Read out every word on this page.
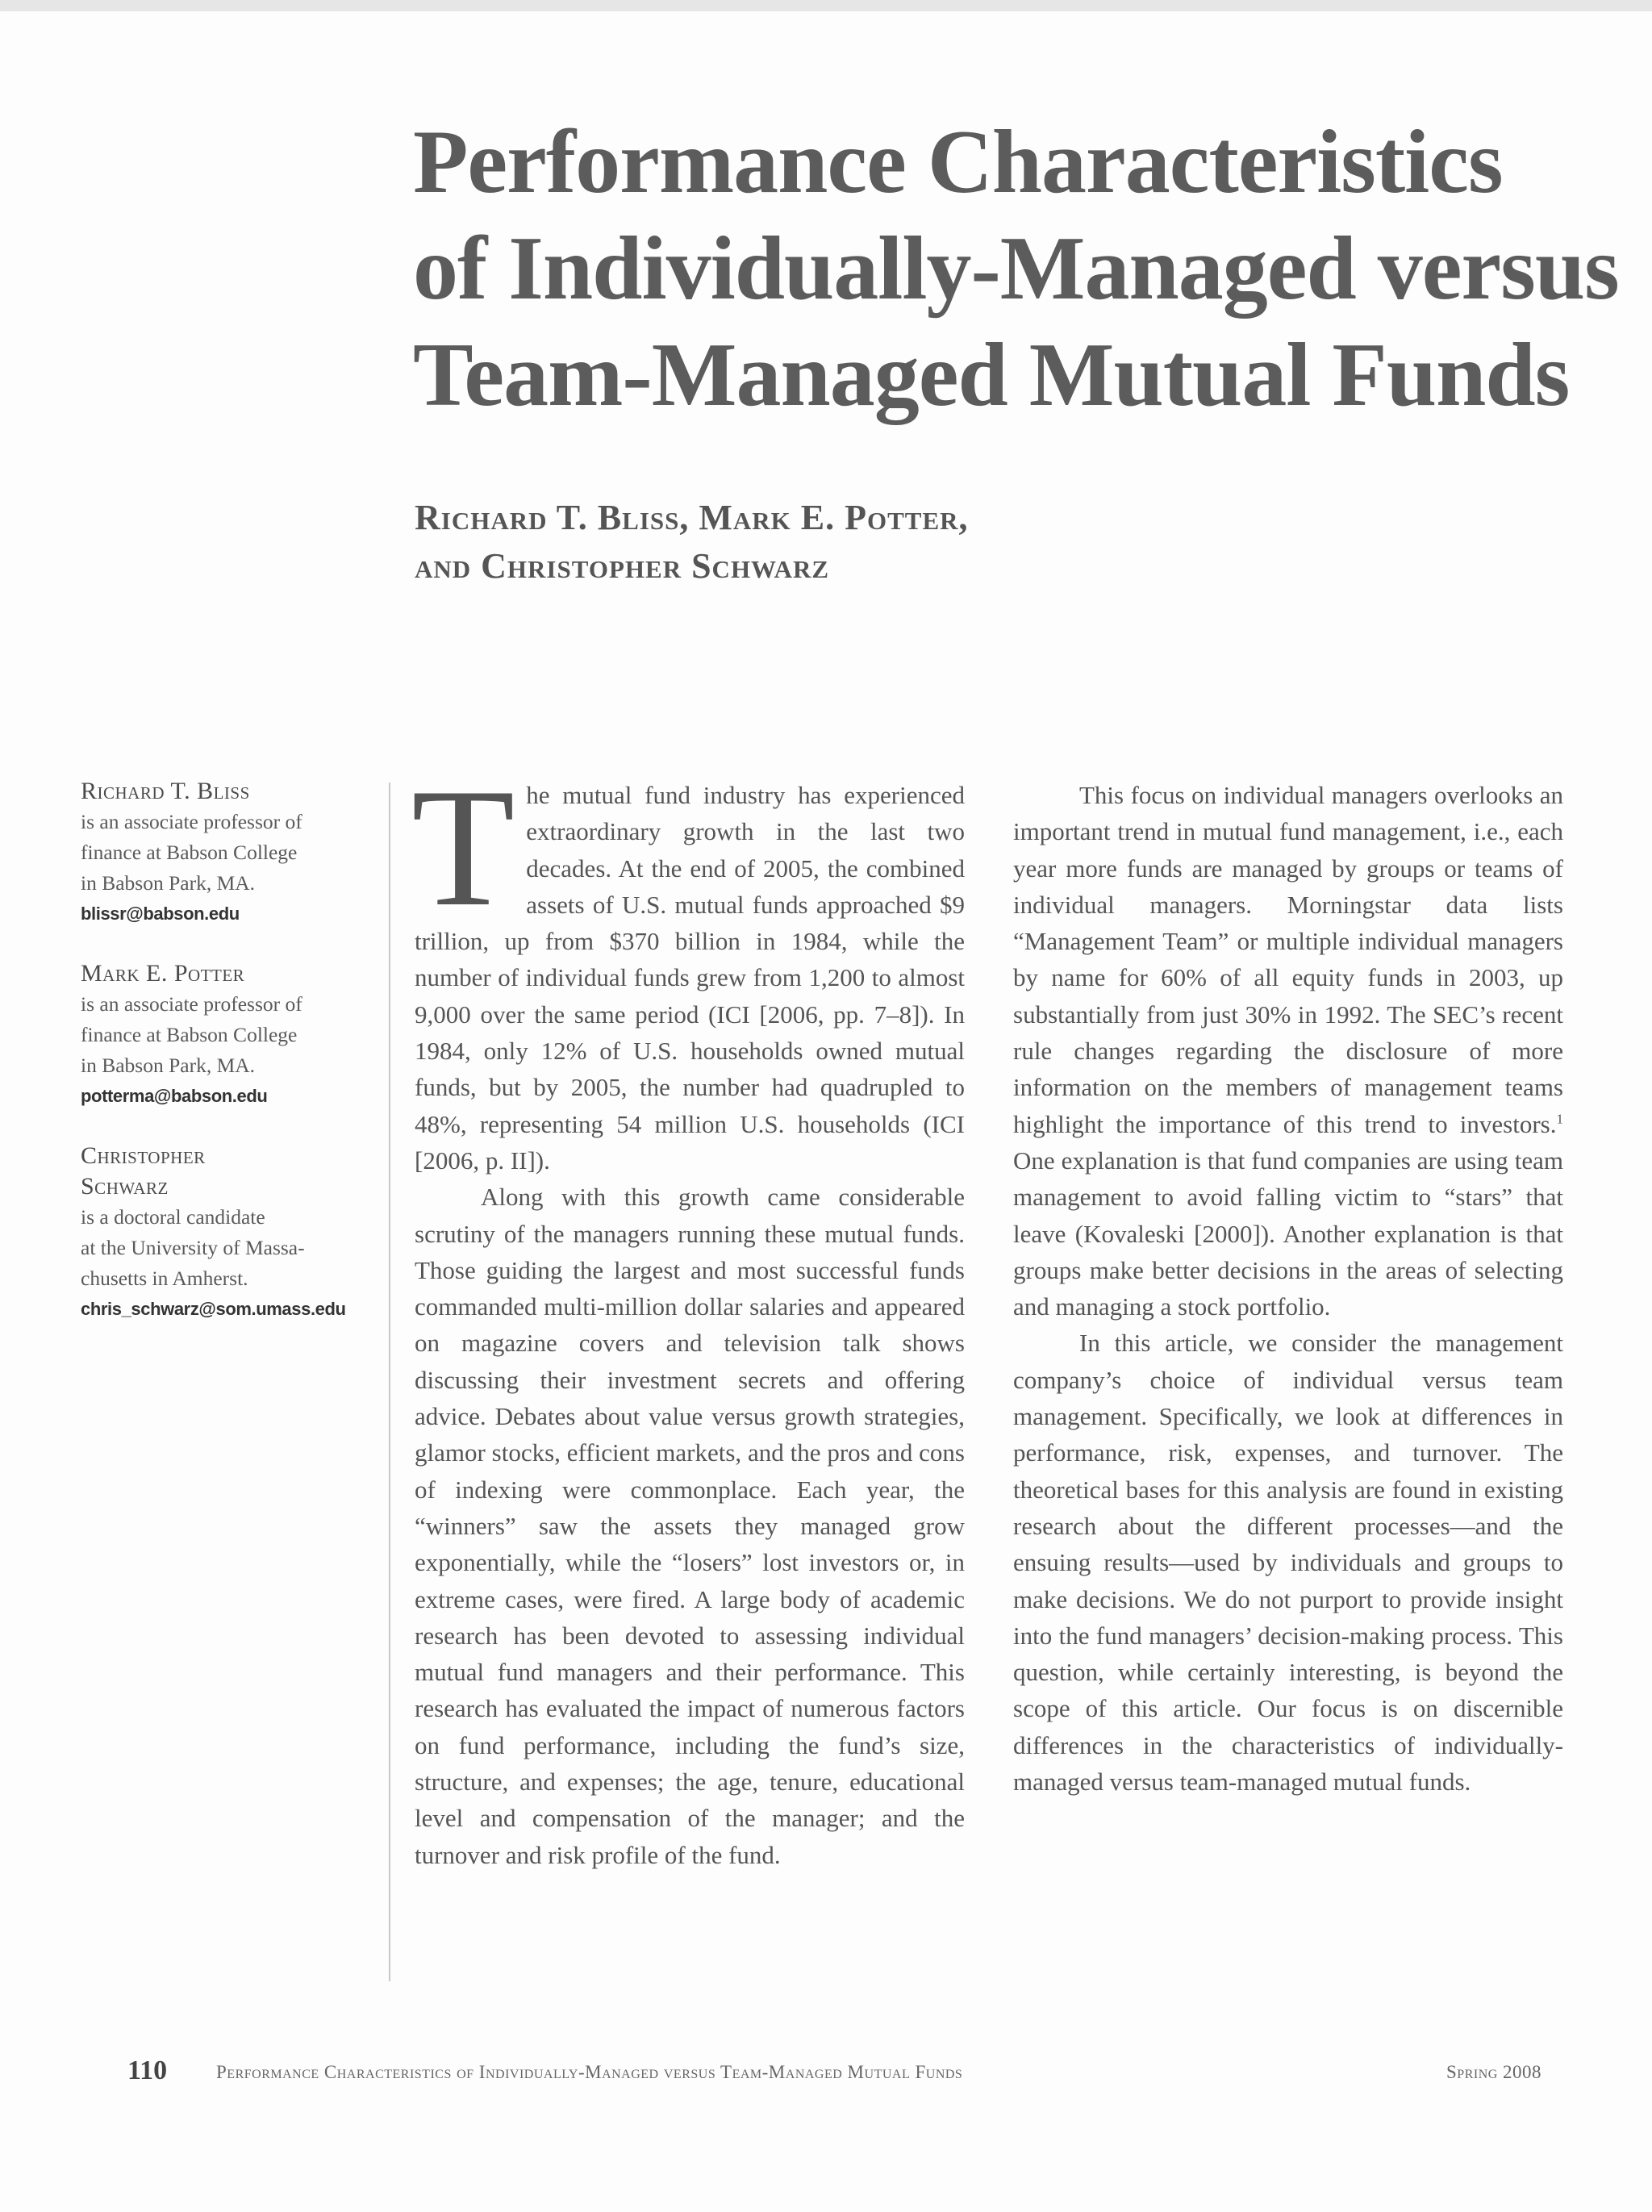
Performance Characteristics
of Individually-Managed versus
Team-Managed Mutual Funds
Richard T. Bliss, Mark E. Potter,
and Christopher Schwarz
Richard T. Bliss
is an associate professor of
finance at Babson College
in Babson Park, MA.
blissr@babson.edu
Mark E. Potter
is an associate professor of
finance at Babson College
in Babson Park, MA.
potterma@babson.edu
Christopher
Schwarz
is a doctoral candidate
at the University of Massa-
chusetts in Amherst.
chris_schwarz@som.umass.edu

The mutual fund industry has experienced extraordinary growth in the last two decades. At the end of 2005, the combined assets of U.S. mutual funds approached $9 trillion, up from $370 billion in 1984, while the number of individual funds grew from 1,200 to almost 9,000 over the same period (ICI [2006, pp. 7–8]). In 1984, only 12% of U.S. households owned mutual funds, but by 2005, the number had quadrupled to 48%, representing 54 million U.S. households (ICI [2006, p. II]).

Along with this growth came considerable scrutiny of the managers running these mutual funds. Those guiding the largest and most successful funds commanded multi-million dollar salaries and appeared on magazine covers and television talk shows discussing their investment secrets and offering advice. Debates about value versus growth strategies, glamor stocks, efficient markets, and the pros and cons of indexing were commonplace. Each year, the “winners” saw the assets they managed grow exponentially, while the “losers” lost investors or, in extreme cases, were fired. A large body of academic research has been devoted to assessing individual mutual fund managers and their performance. This research has evaluated the impact of numerous factors on fund performance, including the fund’s size, structure, and expenses; the age, tenure, educational level and compensation of the manager; and the turnover and risk profile of the fund.

This focus on individual managers overlooks an important trend in mutual fund management, i.e., each year more funds are managed by groups or teams of individual managers. Morningstar data lists “Management Team” or multiple individual managers by name for 60% of all equity funds in 2003, up substantially from just 30% in 1992. The SEC’s recent rule changes regarding the disclosure of more information on the members of management teams highlight the importance of this trend to investors.$^1$ One explanation is that fund companies are using team management to avoid falling victim to “stars” that leave (Kovaleski [2000]). Another explanation is that groups make better decisions in the areas of selecting and managing a stock portfolio.

In this article, we consider the management company’s choice of individual versus team management. Specifically, we look at differences in performance, risk, expenses, and turnover. The theoretical bases for this analysis are found in existing research about the different processes—and the ensuing results—used by individuals and groups to make decisions. We do not purport to provide insight into the fund managers’ decision-making process. This question, while certainly interesting, is beyond the scope of this article. Our focus is on discernible differences in the characteristics of individually-managed versus team-managed mutual funds.

110	Performance Characteristics of Individually-Managed versus Team-Managed Mutual Funds	Spring 2008
